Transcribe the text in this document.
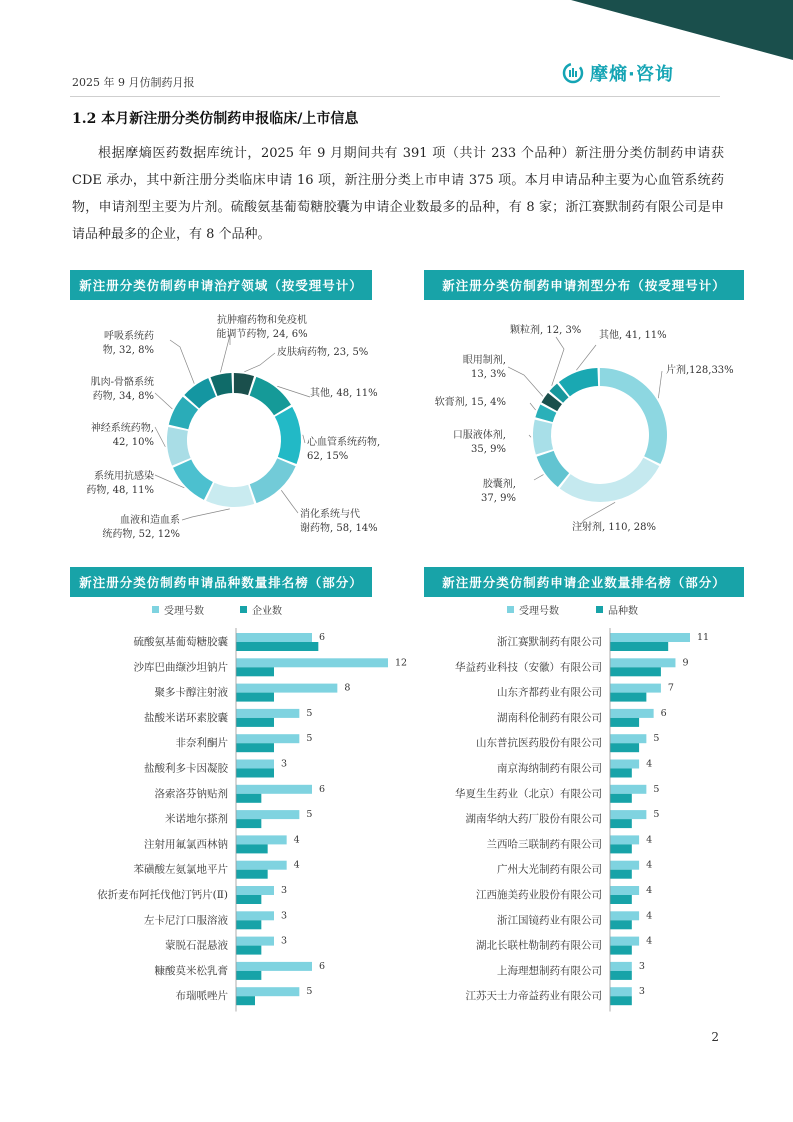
2025 年 9 月仿制药月报	摩熵·咨询
1.2 本月新注册分类仿制药申报临床/上市信息
根据摩熵医药数据库统计，2025 年 9 月期间共有 391 项（共计 233 个品种）新注册分类仿制药申请获 CDE 承办，其中新注册分类临床申请 16 项，新注册分类上市申请 375 项。本月申请品种主要为心血管系统药物，申请剂型主要为片剂。硫酸氨基葡萄糖胶囊为申请企业数最多的品种，有 8 家；浙江赛默制药有限公司是申请品种最多的企业，有 8 个品种。
新注册分类仿制药申请治疗领域（按受理号计）	新注册分类仿制药申请剂型分布（按受理号计）
新注册分类仿制药申请品种数量排名榜（部分）	新注册分类仿制药申请企业数量排名榜（部分）
皮肤病药物, 23, 5%
其他, 48, 11%
心血管系统药物, 62, 15%
消化系统与代谢药物, 58, 14%
血液和造血系统药物, 52, 12%
系统用抗感染药物, 48, 11%
神经系统药物, 42, 10%
肌肉-骨骼系统药物, 34, 8%
呼吸系统药物, 32, 8%
抗肿瘤药物和免疫机能调节药物, 24, 6%
片剂,128,33%
注射剂, 110, 28%
胶囊剂, 37, 9%
口服液体剂, 35, 9%
软膏剂, 15, 4%
眼用制剂, 13, 3%
颗粒剂, 12, 3% 其他, 41, 11%
受理号数	企业数
硫酸氨基葡萄糖胶囊	6
沙库巴曲缬沙坦钠片	12
聚多卡醇注射液	8
盐酸米诺环素胶囊	5
非奈利酮片	5
盐酸利多卡因凝胶	3
洛索洛芬钠贴剂	6
米诺地尔搽剂	5
注射用氟氯西林钠	4
苯磺酸左氨氯地平片	4
依折麦布阿托伐他汀钙片(Ⅱ)	3
左卡尼汀口服溶液	3
蒙脱石混悬液	3
糠酸莫米松乳膏	6
布瑞哌唑片	5
受理号数	品种数
浙江赛默制药有限公司	11
华益药业科技（安徽）有限公司	9
山东齐都药业有限公司	7
湖南科伦制药有限公司	6
山东普抗医药股份有限公司	5
南京海纳制药有限公司	4
华夏生生药业（北京）有限公司	5
湖南华纳大药厂股份有限公司	5
兰西哈三联制药有限公司	4
广州大光制药有限公司	4
江西施美药业股份有限公司	4
浙江国镜药业有限公司	4
湖北长联杜勒制药有限公司	4
上海理想制药有限公司	3
江苏天士力帝益药业有限公司	3
2
